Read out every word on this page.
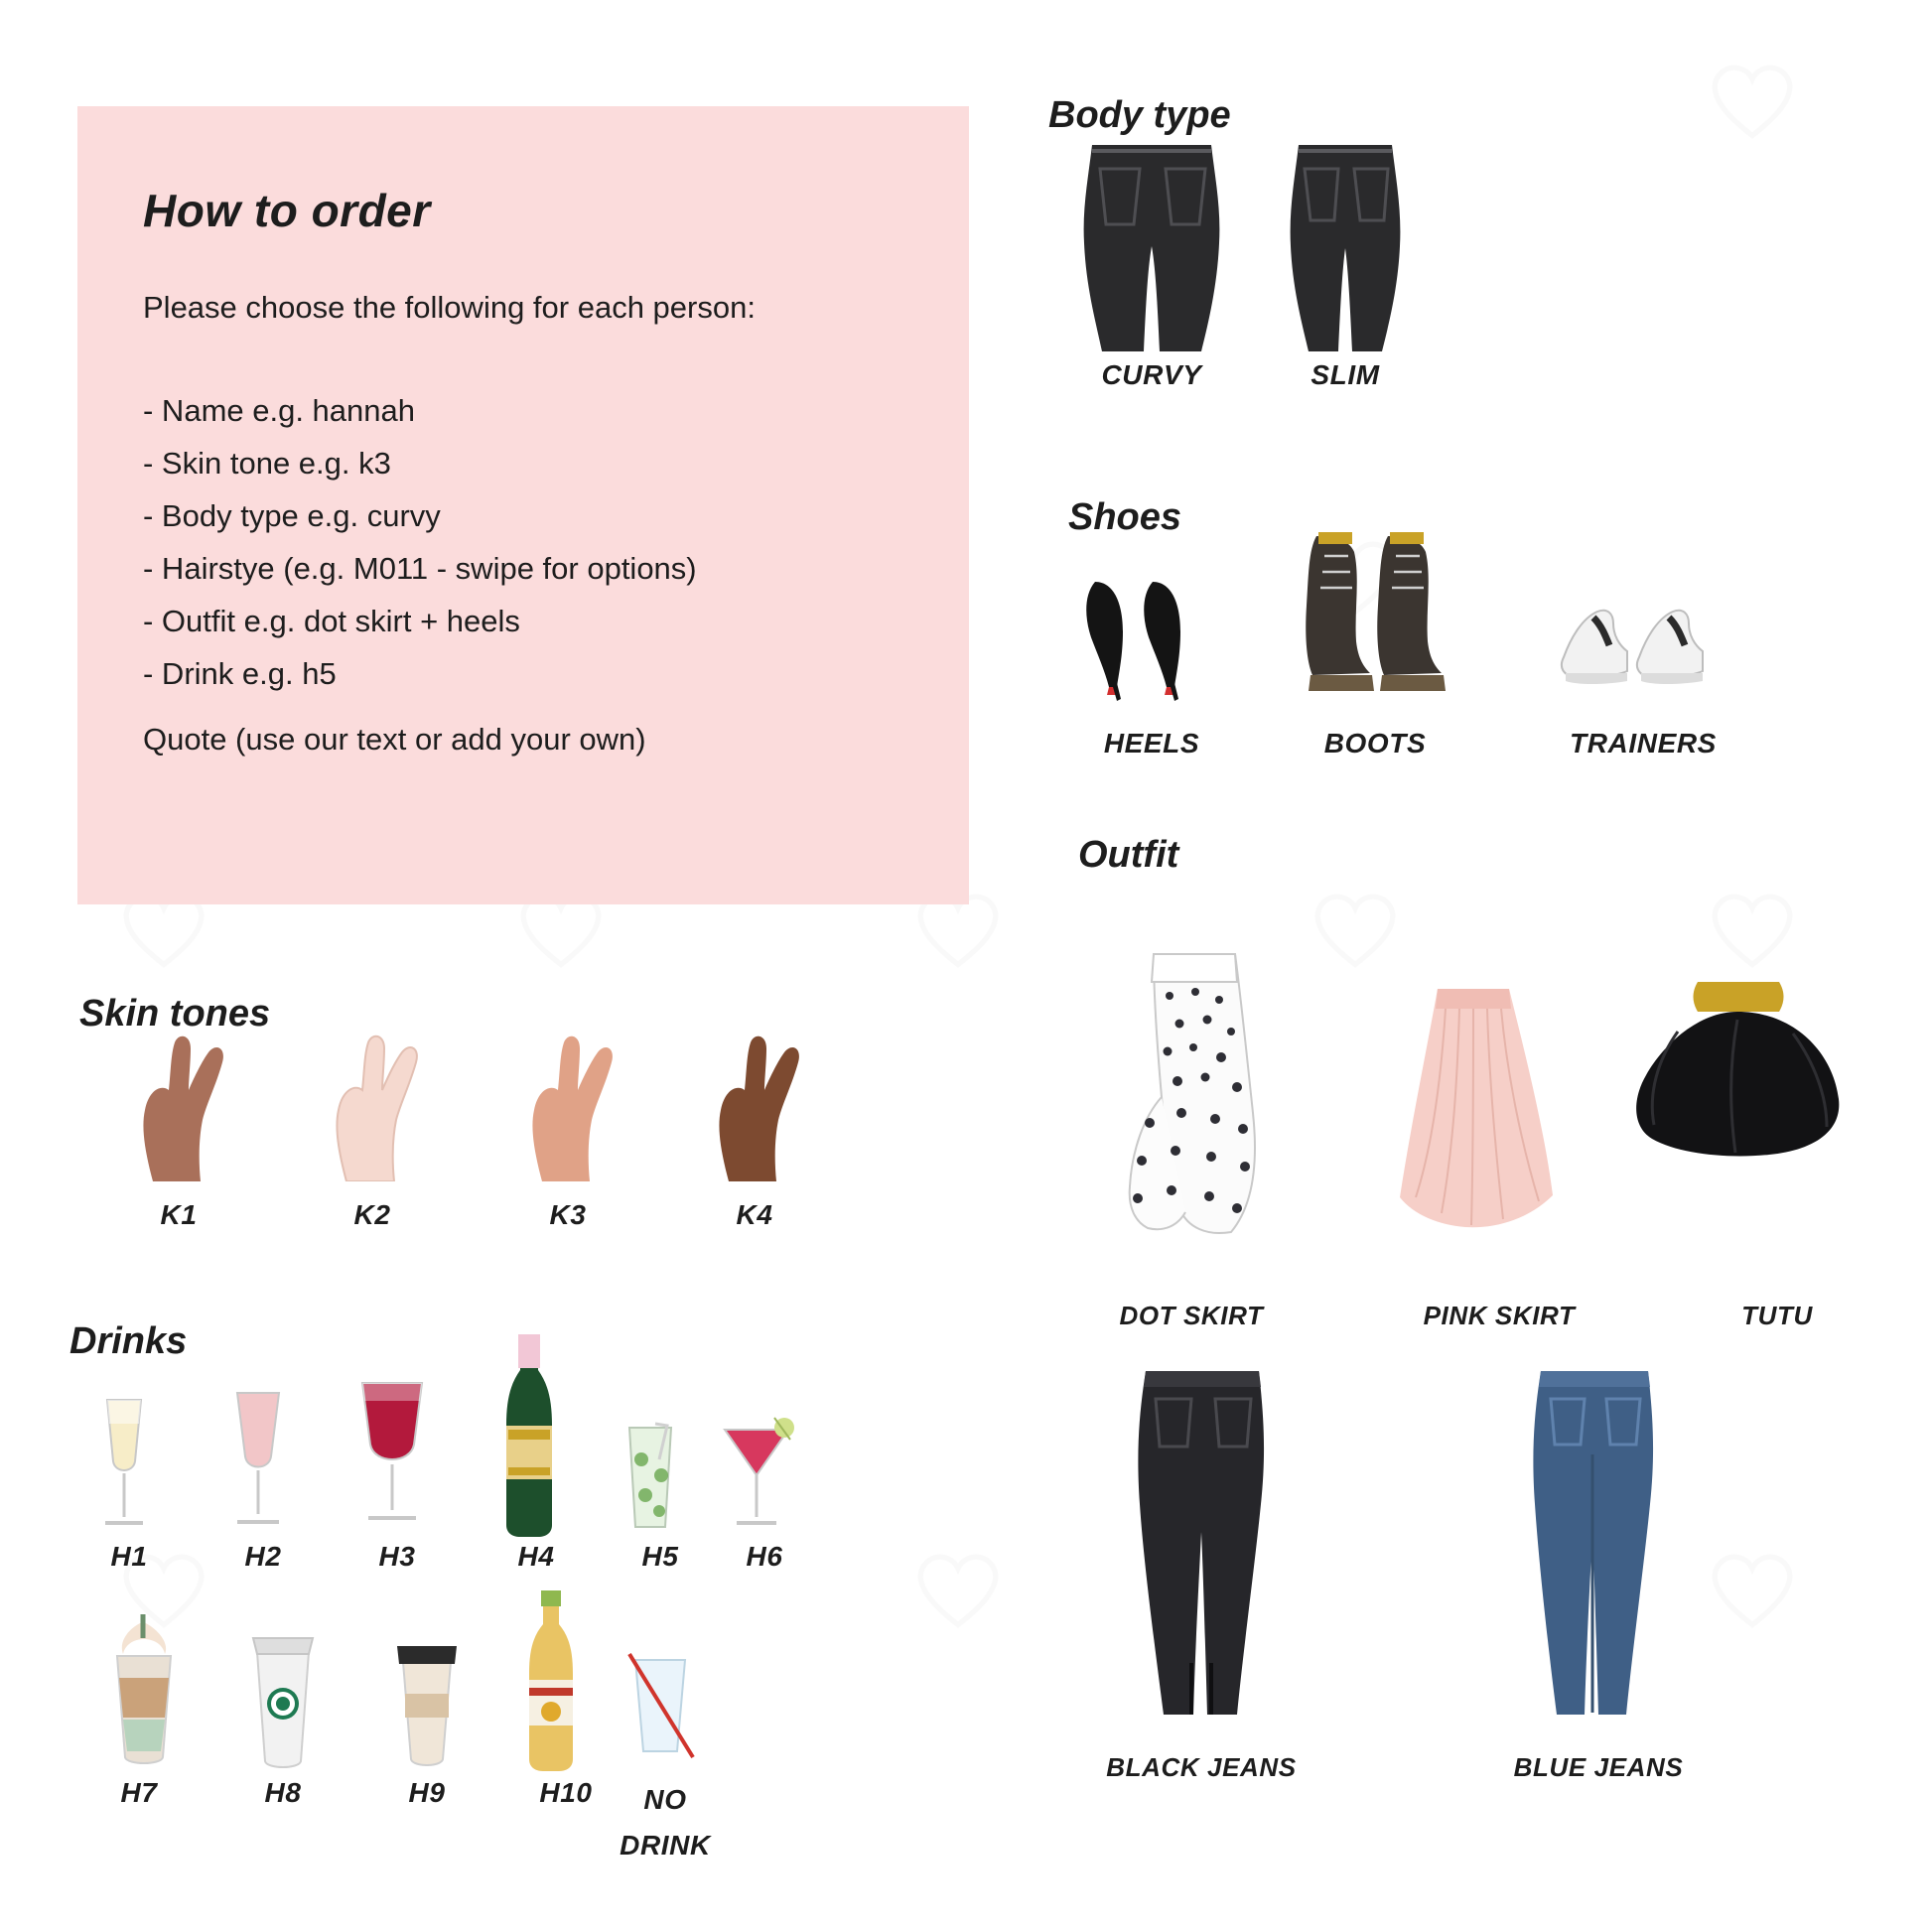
How to order
Please choose the following for each person:
- Name e.g. hannah
- Skin tone e.g. k3
- Body type e.g. curvy
- Hairstye (e.g. M011 - swipe for options)
- Outfit e.g. dot skirt + heels
- Drink e.g. h5
Quote (use our text or add your own)
Body type
CURVY	SLIM
Shoes
HEELS	BOOTS	TRAINERS
Outfit
DOT SKIRT	PINK SKIRT	TUTU
BLACK JEANS	BLUE JEANS
Skin tones
K1	K2	K3	K4
Drinks
H1	H2	H3	H4	H5	H6
H7	H8	H9	H10	NO DRINK
